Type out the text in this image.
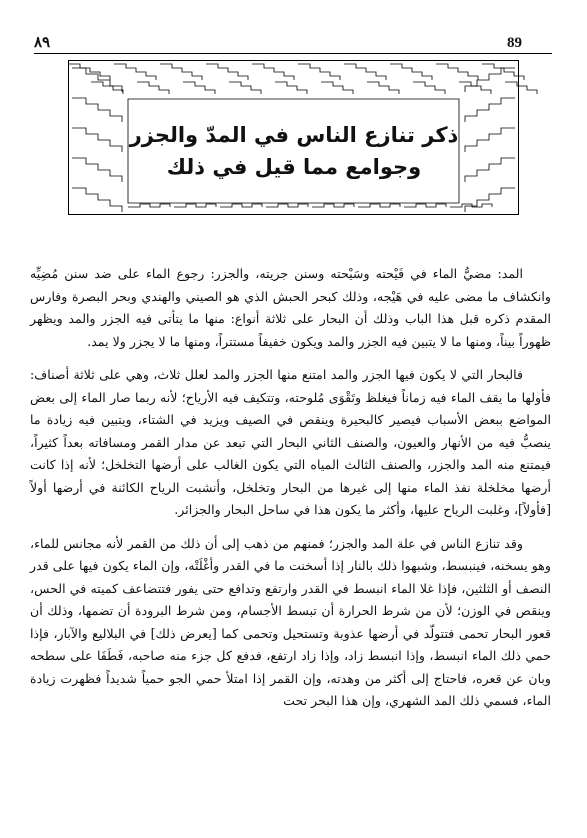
89
٨٩
ذكر تنازع الناس في المدّ والجزر
وجوامع مما قيل في ذلك

المد: مضيُّ الماء في فَيْحته وسَيْحته وسنن جريته، والجزر: رجوع الماء على ضد سنن مُضِيِّه وانكشاف ما مضى عليه في هَيْجه، وذلك كبحر الحبش الذي هو الصيني والهندي وبحر البصرة وفارس المقدم ذكره قبل هذا الباب وذلك أن البحار على ثلاثة أنواع: منها ما يتأتى فيه الجزر والمد ويظهر ظهوراً بيناً، ومنها ما لا يتبين فيه الجزر والمد ويكون خفيفاً مستتراً، ومنها ما لا يجزر ولا يمد.

فالبحار التي لا يكون فيها الجزر والمد امتنع منها الجزر والمد لعلل ثلاث، وهي على ثلاثة أصناف: فأولها ما يقف الماء فيه زماناً فيغلظ وتَقْوَى مُلوحته، وتتكيف فيه الأرياح؛ لأنه ربما صار الماء إلى بعض المواضع ببعض الأسباب فيصير كالبحيرة وينقص في الصيف ويزيد في الشتاء، ويتبين فيه زيادة ما ينصبُّ فيه من الأنهار والعيون، والصنف الثاني البحار التي تبعد عن مدار القمر ومسافاته بعداً كثيراً، فيمتنع منه المد والجزر، والصنف الثالث المياه التي يكون الغالب على أرضها التخلخل؛ لأنه إذا كانت أرضها مخلخلة نفذ الماء منها إلى غيرها من البحار وتخلخل، وأنشبت الرياح الكائنة في أرضها أولاً [فأولاً]، وغلبت الرياح عليها، وأكثر ما يكون هذا في ساحل البحار والجزائر.

وقد تنازع الناس في علة المد والجزر؛ فمنهم من ذهب إلى أن ذلك من القمر لأنه مجانس للماء، وهو يسخنه، فينبسط، وشبهوا ذلك بالنار إذا أسخنت ما في القدر وأغْلَتْه، وإن الماء يكون فيها على قدر النصف أو الثلثين، فإذا غلا الماء انبسط في القدر وارتفع وتدافع حتى يفور فتتضاعف كميته في الحس، وينقص في الوزن؛ لأن من شرط الحرارة أن تبسط الأجسام، ومن شرط البرودة أن تضمها، وذلك أن قعور البحار تحمى فتتولّد في أرضها عذوبة وتستحيل وتحمى كما [يعرض ذلك] في البلاليع والآبار، فإذا حمي ذلك الماء انبسط، وإذا انبسط زاد، وإذا زاد ارتفع، فدفع كل جزء منه صاحبه، فَطَفَا على سطحه وبان عن قعره، فاحتاج إلى أكثر من وهدته، وإن القمر إذا امتلأ حمي الجو حمياً شديداً فظهرت زيادة الماء، فسمي ذلك المد الشهري، وإن هذا البحر تحت
